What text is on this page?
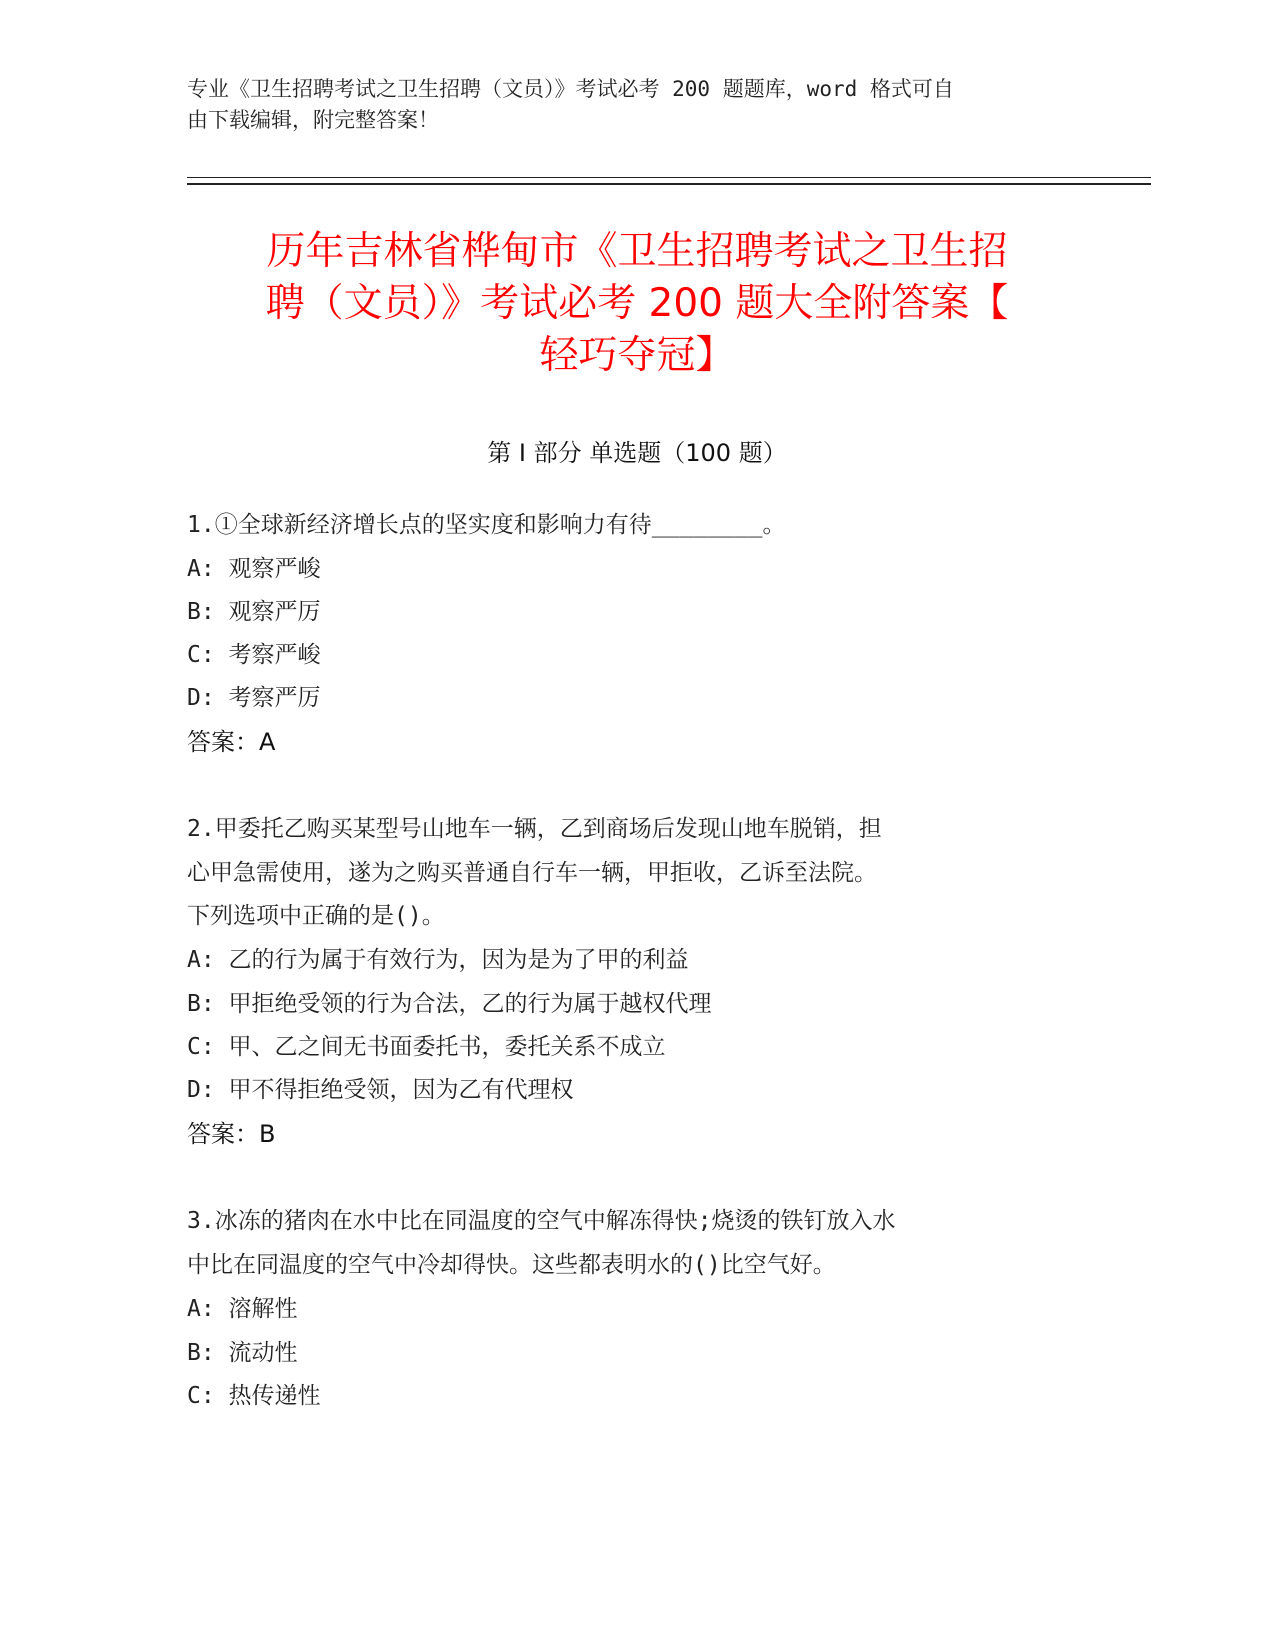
专业《卫生招聘考试之卫生招聘（文员）》考试必考 200 题题库，word 格式可自
由下载编辑，附完整答案！
历年吉林省桦甸市《卫生招聘考试之卫生招
聘（文员）》考试必考 200 题大全附答案【
轻巧夺冠】
第 I 部分 单选题（100 题）
1.①全球新经济增长点的坚实度和影响力有待________。
A: 观察严峻
B: 观察严厉
C: 考察严峻
D: 考察严厉
答案：A
2.甲委托乙购买某型号山地车一辆，乙到商场后发现山地车脱销，担
心甲急需使用，遂为之购买普通自行车一辆，甲拒收，乙诉至法院。
下列选项中正确的是()。
A: 乙的行为属于有效行为，因为是为了甲的利益
B: 甲拒绝受领的行为合法，乙的行为属于越权代理
C: 甲、乙之间无书面委托书，委托关系不成立
D: 甲不得拒绝受领，因为乙有代理权
答案：B
3.冰冻的猪肉在水中比在同温度的空气中解冻得快;烧烫的铁钉放入水
中比在同温度的空气中冷却得快。这些都表明水的()比空气好。
A: 溶解性
B: 流动性
C: 热传递性
